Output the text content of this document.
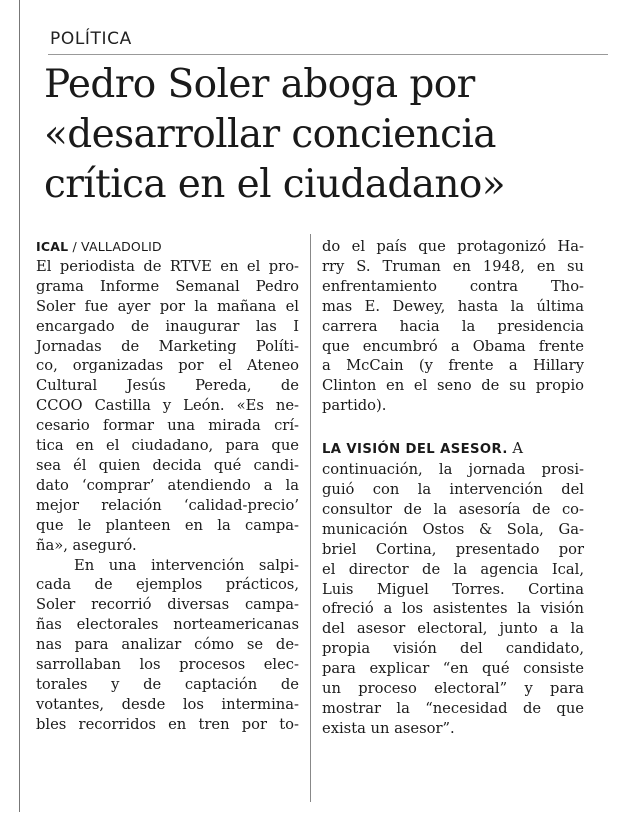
POLÍTICA
Pedro Soler aboga por
«desarrollar conciencia
crítica en el ciudadano»
ICAL / VALLADOLID
El periodista de RTVE en el pro-
grama Informe Semanal Pedro
Soler fue ayer por la mañana el
encargado de inaugurar las I
Jornadas de Marketing Políti-
co, organizadas por el Ateneo
Cultural Jesús Pereda, de
CCOO Castilla y León. «Es ne-
cesario formar una mirada crí-
tica en el ciudadano, para que
sea él quien decida qué candi-
dato ‘comprar’ atendiendo a la
mejor relación ‘calidad-precio’
que le planteen en la campa-
ña», aseguró.
En una intervención salpi-
cada de ejemplos prácticos,
Soler recorrió diversas campa-
ñas electorales norteamericanas
nas para analizar cómo se de-
sarrollaban los procesos elec-
torales y de captación de
votantes, desde los intermina-
bles recorridos en tren por to-
do el país que protagonizó Ha-
rry S. Truman en 1948, en su
enfrentamiento contra Tho-
mas E. Dewey, hasta la última
carrera hacia la presidencia
que encumbró a Obama frente
a McCain (y frente a Hillary
Clinton en el seno de su propio
partido).
LA VISIÓN DEL ASESOR. A
continuación, la jornada prosi-
guió con la intervención del
consultor de la asesoría de co-
municación Ostos & Sola, Ga-
briel Cortina, presentado por
el director de la agencia Ical,
Luis Miguel Torres. Cortina
ofreció a los asistentes la visión
del asesor electoral, junto a la
propia visión del candidato,
para explicar “en qué consiste
un proceso electoral” y para
mostrar la “necesidad de que
exista un asesor”.
